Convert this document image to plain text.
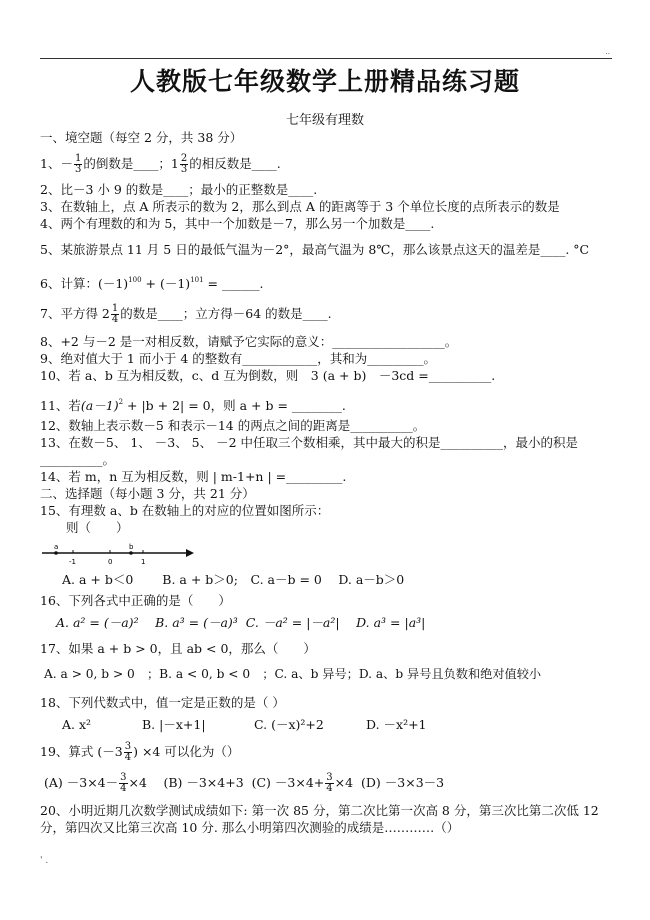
..
人教版七年级数学上册精品练习题
七年级有理数
一、境空题（每空 2 分，共 38 分）
1、－ $\frac{1}{3}$ 的倒数是____；$1 \frac{2}{3}$ 的相反数是____.
2、比－3 小 9 的数是____；最小的正整数是____.
3、在数轴上，点 A 所表示的数为 2，那么到点 A 的距离等于 3 个单位长度的点所表示的数是
4、两个有理数的和为 5，其中一个加数是－7，那么另一个加数是____.
5、某旅游景点 11 月 5 日的最低气温为－2°，最高气温为 8℃，那么该景点这天的温差是____. °C
6、计算：$(-1)^{100} + (-1)^{101}$ = ______.
7、平方得 $2 \frac{1}{4}$ 的数是____；立方得－64 的数是____.
8、+2 与－2 是一对相反数，请赋予它实际的意义：__________________。
9、绝对值大于 1 而小于 4 的整数有____________，其和为_________。
10、若 a、b 互为相反数，c、d 互为倒数，则　3 (a + b)　－3cd =__________.
11、若$(a-1)^2 + |b + 2| = 0$，则 a + b = ________.
12、数轴上表示数－5 和表示－14 的两点之间的距离是__________。
13、在数－5、 1、 －3、 5、 －2 中任取三个数相乘，其中最大的积是__________，最小的积是
__________。
14、若 m，n 互为相反数，则 | m-1+n | =_________.
二、选择题（每小题 3 分，共 21 分）
15、有理数 a、b 在数轴上的对应的位置如图所示：
则（　　）
a	b
-1	0	1
A. a + b＜0　　 B. a + b＞0;　C. a－b = 0　 D. a－b＞0
16、下列各式中正确的是（　　）
A. a² = (－a)²　 B. a³ = (－a)³ C. －a² = |－a²|　 D. a³ = |a³|
17、如果 a + b > 0，且 ab < 0，那么（　　）
A. a > 0, b > 0　；B. a < 0, b < 0　；C. a、b 异号；D. a、b 异号且负数和绝对值较小
18、下列代数式中，值一定是正数的是（ ）
A. x²	B. |－x+1|	C. (－x)²+2	D. －x²+1
19、算式 ($-3 \frac{3}{4}$ ) ×4 可以化为（）
$(A) -3\times 4- \frac{3}{4} \times 4$　 (B) －3×4+3 $(C) -3\times 4+ \frac{3}{4} \times 4$ (D) －3×3－3
20、小明近期几次数学测试成绩如下: 第一次 85 分，第二次比第一次高 8 分，第三次比第二次低 12
分，第四次又比第三次高 10 分. 那么小明第四次测验的成绩是…………（）
' .
